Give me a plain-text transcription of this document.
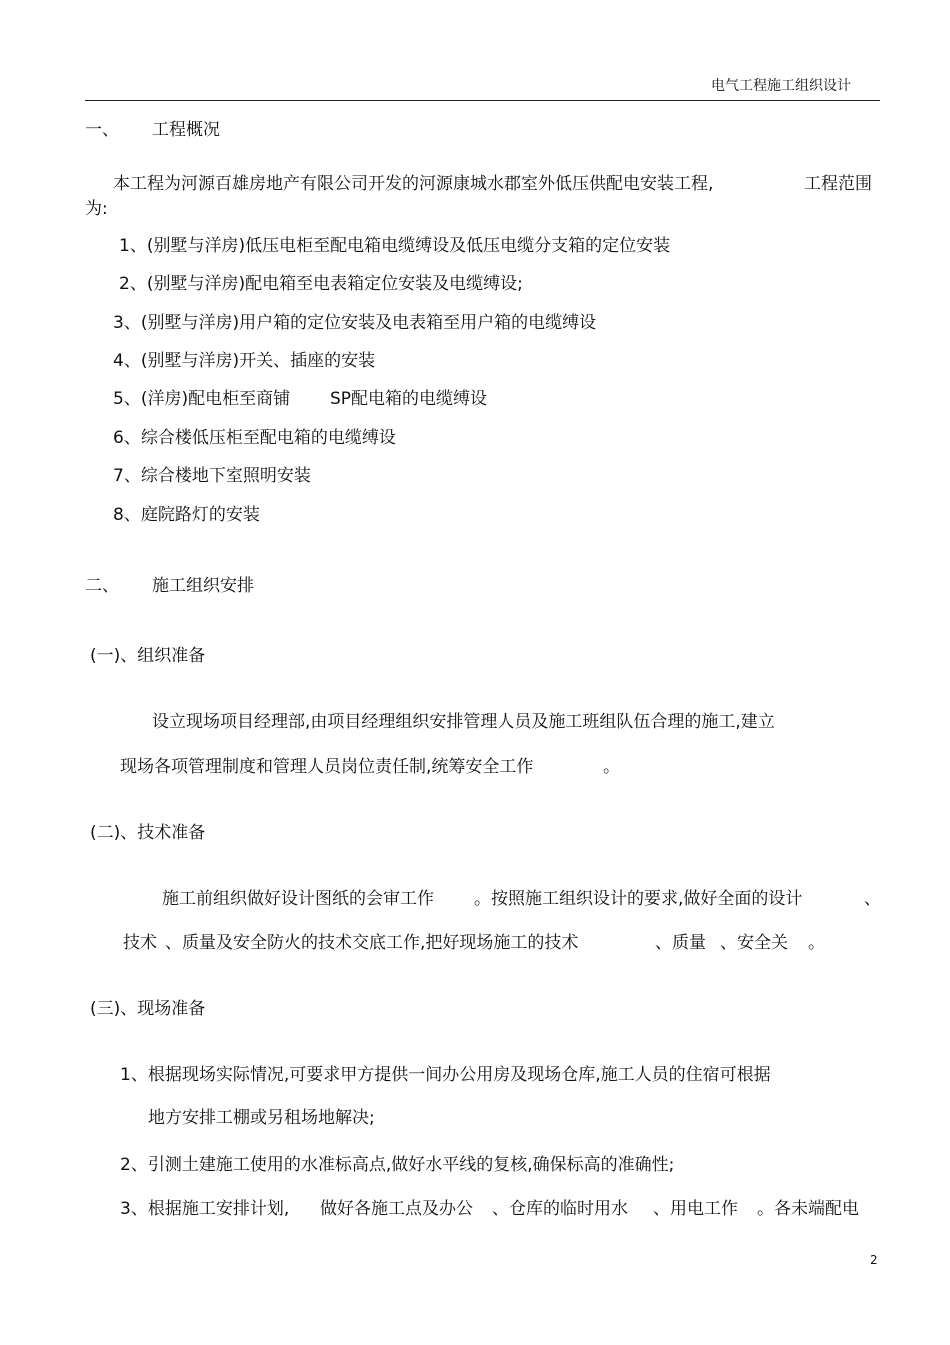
电气工程施工组织设计
一、 工程概况
本工程为河源百雄房地产有限公司开发的河源康城水郡室外低压供配电安装工程,	工程范围
为:
1、(别墅与洋房)低压电柜至配电箱电缆缚设及低压电缆分支箱的定位安装
2、(别墅与洋房)配电箱至电表箱定位安装及电缆缚设;
3、(别墅与洋房)用户箱的定位安装及电表箱至用户箱的电缆缚设
4、(别墅与洋房)开关、插座的安装
5、(洋房)配电柜至商铺 SP配电箱的电缆缚设
6、综合楼低压柜至配电箱的电缆缚设
7、综合楼地下室照明安装
8、庭院路灯的安装
二、 施工组织安排
(一)、组织准备
设立现场项目经理部,由项目经理组织安排管理人员及施工班组队伍合理的施工,建立
现场各项管理制度和管理人员岗位责任制,统筹安全工作	。
(二)、技术准备
施工前组织做好设计图纸的会审工作 。按照施工组织设计的要求,做好全面的设计	、
技术 、质量及安全防火的技术交底工作,把好现场施工的技术	、质量 、安全关 。
(三)、现场准备
1、根据现场实际情况,可要求甲方提供一间办公用房及现场仓库,施工人员的住宿可根据
地方安排工棚或另租场地解决;
2、引测土建施工使用的水准标高点,做好水平线的复核,确保标高的准确性;
3、根据施工安排计划, 做好各施工点及办公 、仓库的临时用水 、用电工作 。各未端配电
2
